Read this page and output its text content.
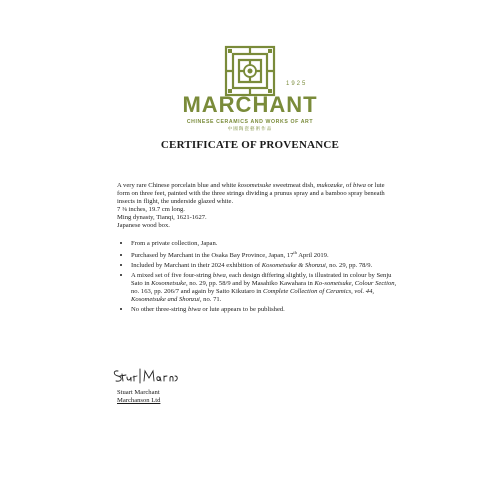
1925
MARCHANT
CHINESE CERAMICS AND WORKS OF ART
中國陶瓷藝術作品
CERTIFICATE OF PROVENANCE

A very rare Chinese porcelain blue and white kosometsuke sweetmeat dish, mukozuke, of biwa or lute form on three feet, painted with the three strings dividing a prunus spray and a bamboo spray beneath insects in flight, the underside glazed white.

7 ⅜ inches, 19.7 cm long.

Ming dynasty, Tianqi, 1621-1627.

Japanese wood box.

• From a private collection, Japan.
• Purchased by Marchant in the Osaka Bay Province, Japan, 17th April 2019.
• Included by Marchant in their 2024 exhibition of Kosometsuke & Shonzui, no. 29, pp. 78/9.
• A mixed set of five four-string biwa, each design differing slightly, is illustrated in colour by Senju Sato in Kosometsuke, no. 29, pp. 58/9 and by Masahiko Kawahara in Ko-sometsuke, Colour Section, no. 163, pp. 206/7 and again by Saito Kikutaro in Complete Collection of Ceramics, vol. 44, Kosometsuke and Shonzui, no. 71.
• No other three-string biwa or lute appears to be published.
Stuart Marchant
Marchanson Ltd
